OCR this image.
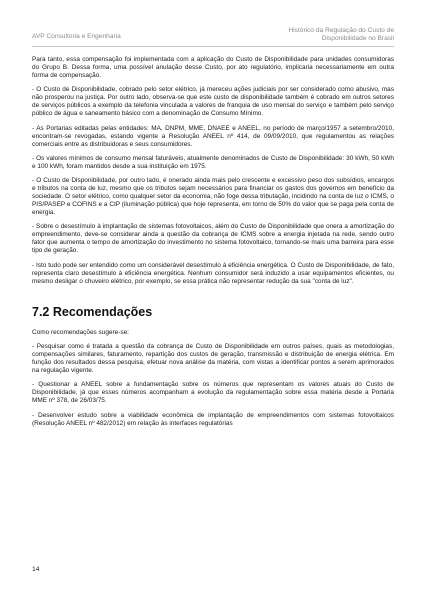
AVP Consultoria e Engenharia
Histórico da Regulação do Custo de
Disponibilidade no Brasil

Para tanto, essa compensação foi implementada com a aplicação do Custo de Disponibilidade para unidades consumidoras do Grupo B. Dessa forma, uma possível anulação desse Custo, por ato regulatório, implicaria necessariamente em outra forma de compensação.

- O Custo de Disponibilidade, cobrado pelo setor elétrico, já mereceu ações judiciais por ser considerado como abusivo, mas não prosperou na justiça. Por outro lado, observa-se que este custo de disponibilidade também é cobrado em outros setores de serviços públicos a exemplo da telefonia vinculada a valores de franquia de uso mensal do serviço e também pelo serviço público de água e saneamento básico com a denominação de Consumo Mínimo.

- As Portarias editadas pelas entidades: MA, DNPM, MME, DNAEE e ANEEL, no período de março/1957 a setembro/2010, encontram-se revogadas, estando vigente a Resolução ANEEL nº 414, de 09/09/2010, que regulamentou as relações comerciais entre as distribuidoras e seus consumidores.

- Os valores mínimos de consumo mensal faturáveis, atualmente denominados de Custo de Disponibilidade: 30 kWh, 50 kWh e 100 kWh, foram mantidos desde a sua instituição em 1975.

- O Custo de Disponibilidade, por outro lado, é onerado ainda mais pelo crescente e excessivo peso dos subsídios, encargos e tributos na conta de luz, mesmo que os tributos sejam necessários para financiar os gastos dos governos em benefício da sociedade. O setor elétrico, como qualquer setor da economia, não foge dessa tributação, incidindo na conta de luz o ICMS, o PIS/PASEP e COFINS e a CIP (iluminação pública) que hoje representa, em torno de 50% do valor que se paga pela conta de energia.

- Sobre o desestímulo à implantação de sistemas fotovoltaicos, além do Custo de Disponibilidade que onera a amortização do empreendimento, deve-se considerar ainda a questão da cobrança de ICMS sobre a energia injetada na rede, sendo outro fator que aumenta o tempo de amortização do investimento no sistema fotovoltaico, tornando-se mais uma barreira para esse tipo de geração.

- Isto tudo pode ser entendido como um considerável desestímulo à eficiência energética. O Custo de Disponibilidade, de fato, representa claro desestímulo à eficiência energética. Nenhum consumidor será induzido a usar equipamentos eficientes, ou mesmo desligar o chuveiro elétrico, por exemplo, se essa prática não representar redução da sua "conta de luz".

7.2 Recomendações

Como recomendações sugere-se:

- Pesquisar como é tratada a questão da cobrança de Custo de Disponibilidade em outros países, quais as metodologias, compensações similares, faturamento, repartição dos custos de geração, transmissão e distribuição de energia elétrica. Em função dos resultados dessa pesquisa, efetuar nova análise da matéria, com vistas a identificar pontos a serem aprimorados na regulação vigente.

- Questionar a ANEEL sobre a fundamentação sobre os números que representam os valores atuais do Custo de Disponibilidade, já que esses números acompanham a evolução da regulamentação sobre essa matéria desde a Portaria MME nº 378, de 26/03/75.

- Desenvolver estudo sobre a viabilidade econômica de implantação de empreendimentos com sistemas fotovoltaicos (Resolução ANEEL nº 482/2012) em relação às interfaces regulatórias

14
